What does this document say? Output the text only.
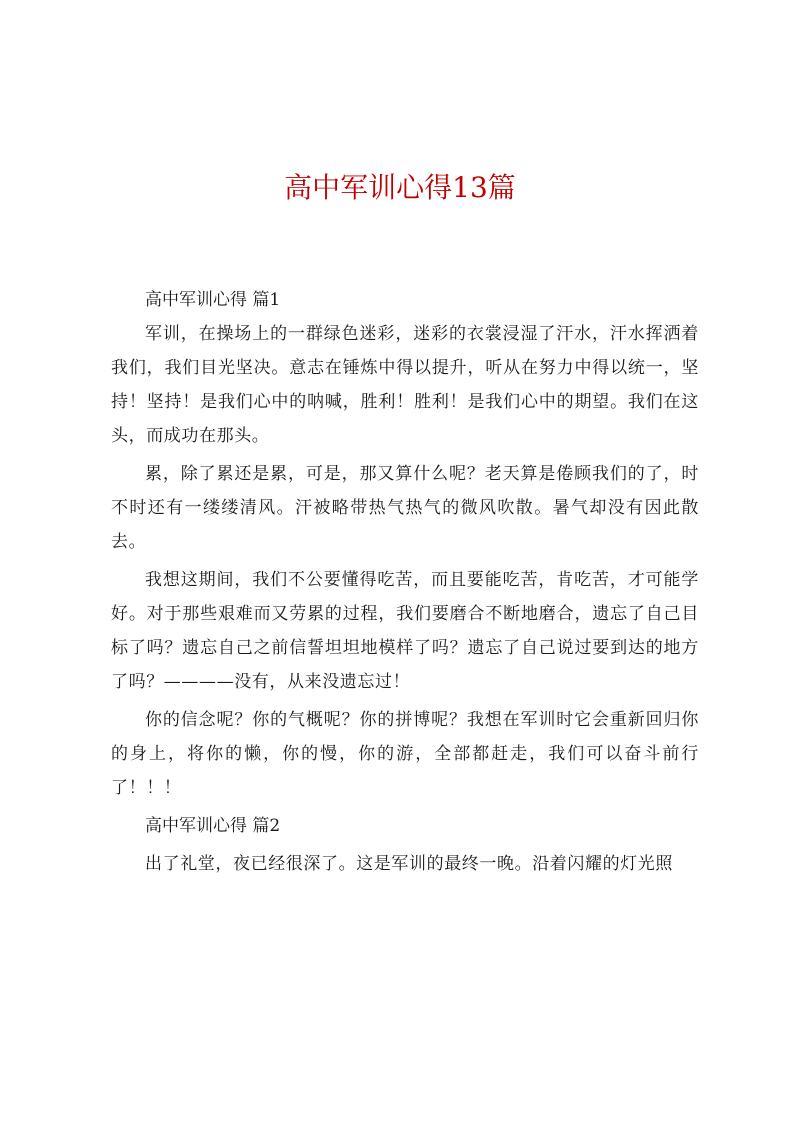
高中军训心得13篇

高中军训心得 篇1

军训，在操场上的一群绿色迷彩，迷彩的衣裳浸湿了汗水，汗水挥洒着我们，我们目光坚决。意志在锤炼中得以提升，听从在努力中得以统一，坚持！坚持！是我们心中的呐喊，胜利！胜利！是我们心中的期望。我们在这头，而成功在那头。

累，除了累还是累，可是，那又算什么呢？老天算是倦顾我们的了，时不时还有一缕缕清风。汗被略带热气热气的微风吹散。暑气却没有因此散去。

我想这期间，我们不公要懂得吃苦，而且要能吃苦，肯吃苦，才可能学好。对于那些艰难而又劳累的过程，我们要磨合不断地磨合，遗忘了自己目标了吗？遗忘自己之前信誓坦坦地模样了吗？遗忘了自己说过要到达的地方了吗？————没有，从来没遗忘过！

你的信念呢？你的气概呢？你的拼博呢？我想在军训时它会重新回归你的身上，将你的懒，你的慢，你的游，全部都赶走，我们可以奋斗前行了！！！

高中军训心得 篇2

出了礼堂，夜已经很深了。这是军训的最终一晚。沿着闪耀的灯光照
